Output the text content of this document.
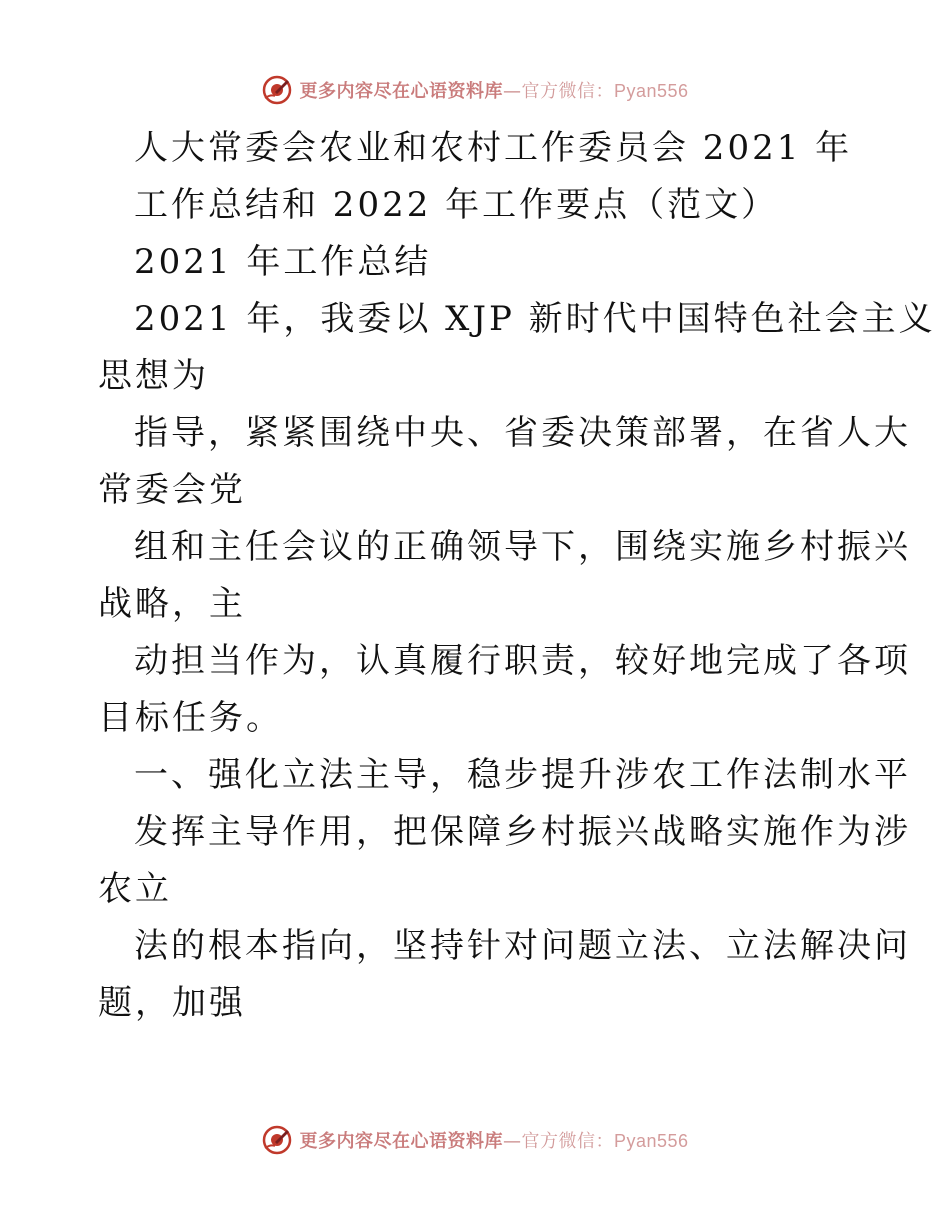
更多内容尽在心语资料库—官方微信：Pyan556
人大常委会农业和农村工作委员会 2021 年
工作总结和 2022 年工作要点（范文）
2021 年工作总结
2021 年，我委以 XJP 新时代中国特色社会主义
思想为
指导，紧紧围绕中央、省委决策部署，在省人大
常委会党
组和主任会议的正确领导下，围绕实施乡村振兴
战略，主
动担当作为，认真履行职责，较好地完成了各项
目标任务。
一、强化立法主导，稳步提升涉农工作法制水平
发挥主导作用，把保障乡村振兴战略实施作为涉
农立
法的根本指向，坚持针对问题立法、立法解决问
题，加强
更多内容尽在心语资料库—官方微信：Pyan556
